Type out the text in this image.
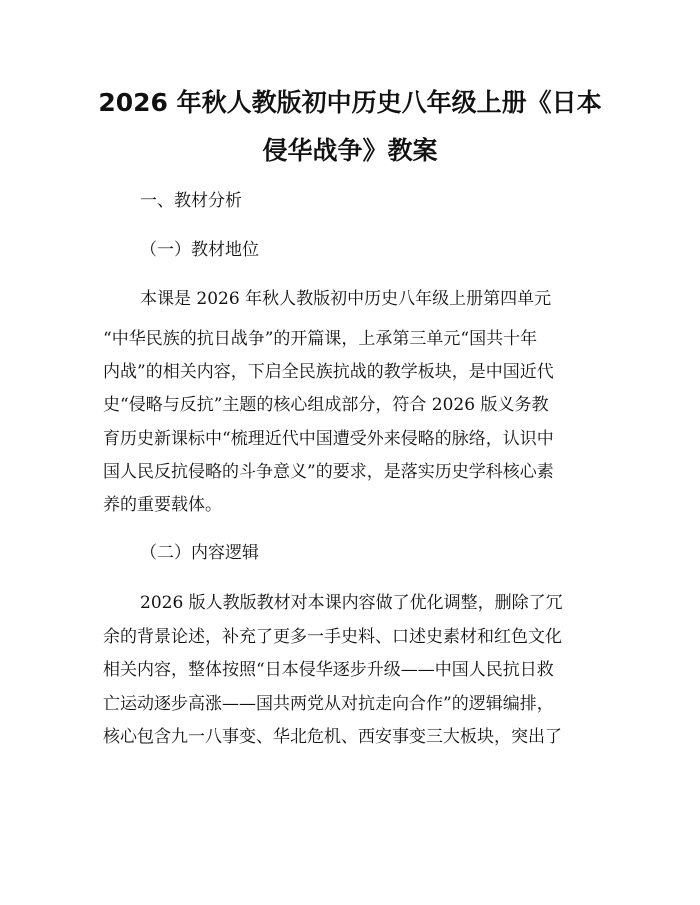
2026 年秋人教版初中历史八年级上册《日本
侵华战争》教案

一、教材分析

（一）教材地位

本课是 2026 年秋人教版初中历史八年级上册第四单元
“中华民族的抗日战争”的开篇课，上承第三单元“国共十年
内战”的相关内容，下启全民族抗战的教学板块，是中国近代
史“侵略与反抗”主题的核心组成部分，符合 2026 版义务教
育历史新课标中“梳理近代中国遭受外来侵略的脉络，认识中
国人民反抗侵略的斗争意义”的要求，是落实历史学科核心素
养的重要载体。

（二）内容逻辑

2026 版人教版教材对本课内容做了优化调整，删除了冗
余的背景论述，补充了更多一手史料、口述史素材和红色文化
相关内容，整体按照“日本侵华逐步升级——中国人民抗日救
亡运动逐步高涨——国共两党从对抗走向合作”的逻辑编排，
核心包含九一八事变、华北危机、西安事变三大板块，突出了
